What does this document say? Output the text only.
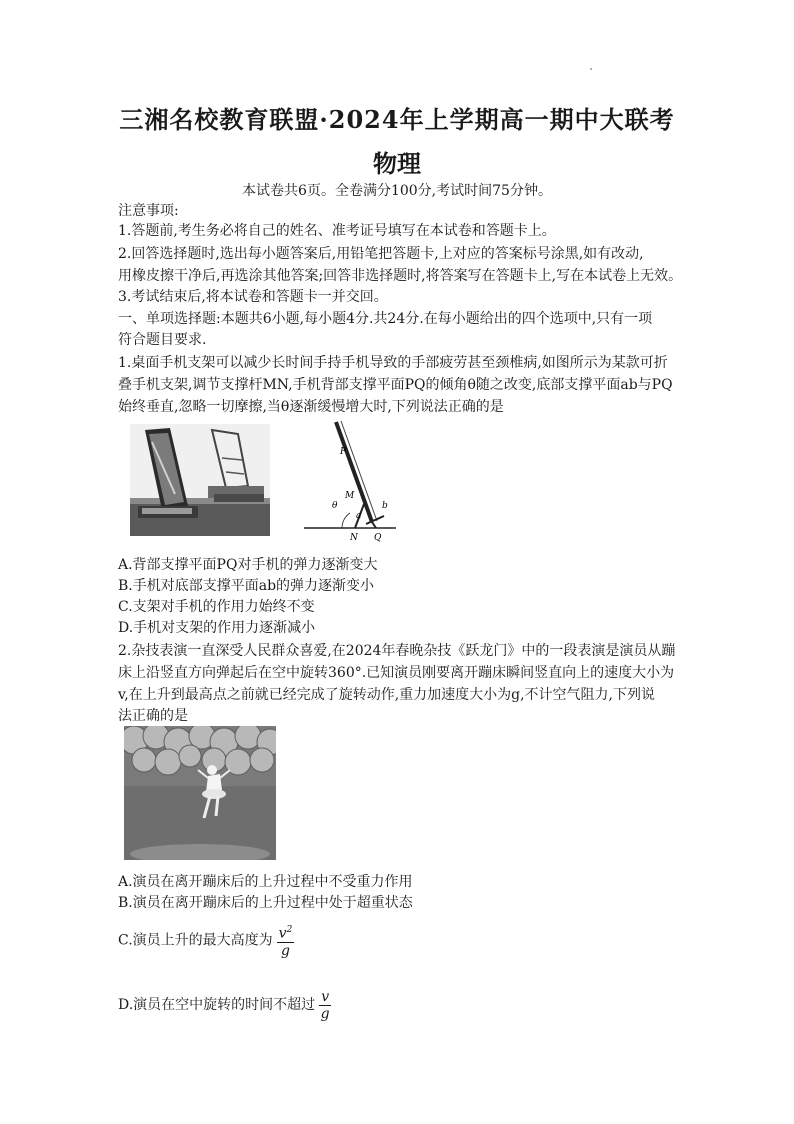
三湘名校教育联盟·2024年上学期高一期中大联考
物理
本试卷共6页。全卷满分100分,考试时间75分钟。
注意事项:
1.答题前,考生务必将自己的姓名、准考证号填写在本试卷和答题卡上。
2.回答选择题时,选出每小题答案后,用铅笔把答题卡,上对应的答案标号涂黑,如有改动,
用橡皮擦干净后,再选涂其他答案;回答非选择题时,将答案写在答题卡上,写在本试卷上无效。
3.考试结束后,将本试卷和答题卡一并交回。
一、单项选择题:本题共6小题,每小题4分.共24分.在每小题给出的四个选项中,只有一项
符合题目要求.
1.桌面手机支架可以减少长时间手持手机导致的手部疲劳甚至颈椎病,如图所示为某款可折
叠手机支架,调节支撑杆MN,手机背部支撑平面PQ的倾角θ随之改变,底部支撑平面ab与PQ
始终垂直,忽略一切摩擦,当θ逐渐缓慢增大时,下列说法正确的是
P
M
θ	b
a
N Q
A.背部支撑平面PQ对手机的弹力逐渐变大
B.手机对底部支撑平面ab的弹力逐渐变小
C.支架对手机的作用力始终不变
D.手机对支架的作用力逐渐减小
2.杂技表演一直深受人民群众喜爱,在2024年春晚杂技《跃龙门》中的一段表演是演员从蹦
床上沿竖直方向弹起后在空中旋转360°.已知演员刚要离开蹦床瞬间竖直向上的速度大小为
v,在上升到最高点之前就已经完成了旋转动作,重力加速度大小为g,不计空气阻力,下列说
法正确的是
A.演员在离开蹦床后的上升过程中不受重力作用
B.演员在离开蹦床后的上升过程中处于超重状态
C.演员上升的最大高度为 $\frac{v^2}{g}$
D.演员在空中旋转的时间不超过 $\frac{v}{g}$
